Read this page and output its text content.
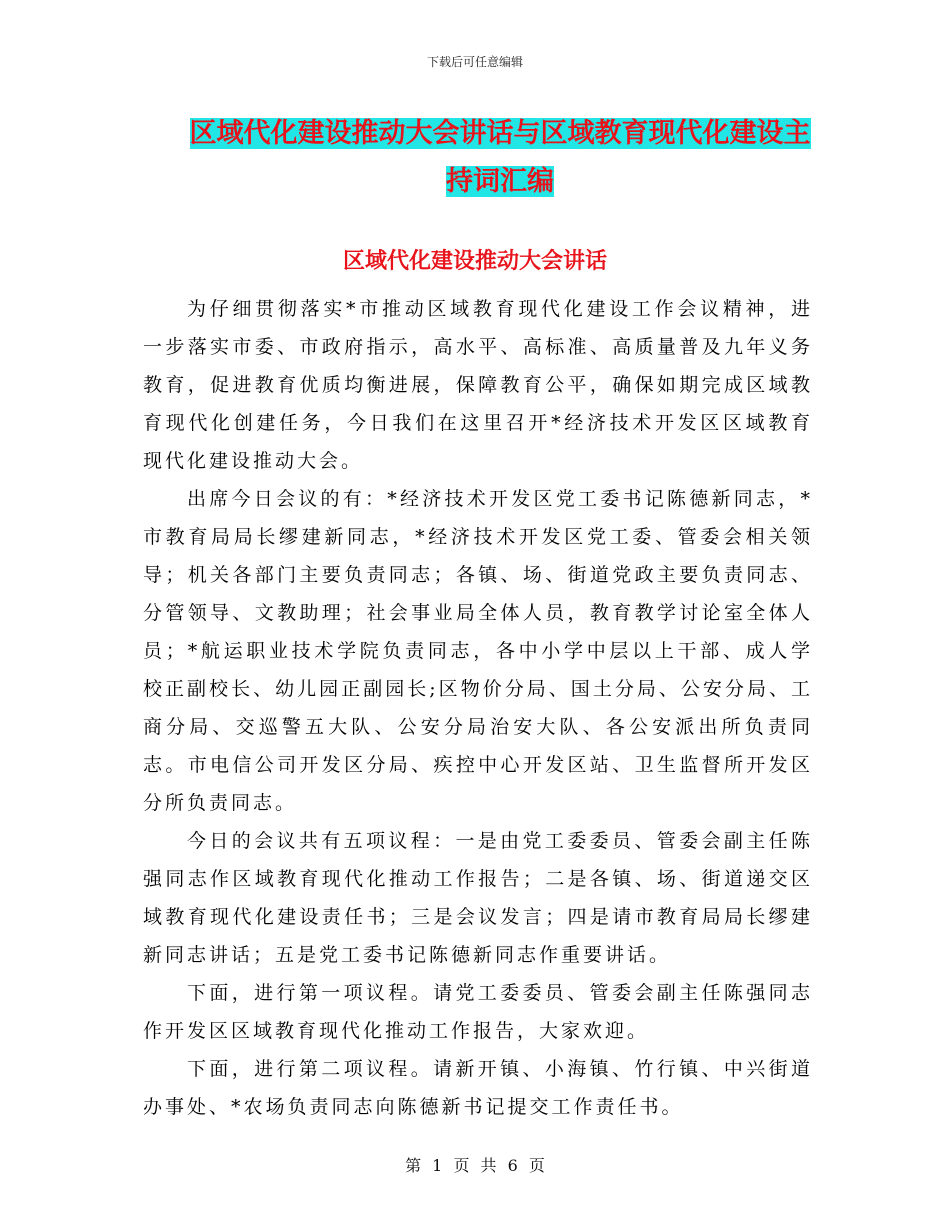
下载后可任意编辑
区域代化建设推动大会讲话与区域教育现代化建设主
持词汇编
区域代化建设推动大会讲话

为仔细贯彻落实*市推动区域教育现代化建设工作会议精神，进一步落实市委、市政府指示，高水平、高标准、高质量普及九年义务教育，促进教育优质均衡进展，保障教育公平，确保如期完成区域教育现代化创建任务，今日我们在这里召开*经济技术开发区区域教育现代化建设推动大会。

出席今日会议的有：*经济技术开发区党工委书记陈德新同志，*市教育局局长缪建新同志，*经济技术开发区党工委、管委会相关领导；机关各部门主要负责同志；各镇、场、街道党政主要负责同志、分管领导、文教助理；社会事业局全体人员，教育教学讨论室全体人员；*航运职业技术学院负责同志，各中小学中层以上干部、成人学校正副校长、幼儿园正副园长;区物价分局、国土分局、公安分局、工商分局、交巡警五大队、公安分局治安大队、各公安派出所负责同志。市电信公司开发区分局、疾控中心开发区站、卫生监督所开发区分所负责同志。

今日的会议共有五项议程：一是由党工委委员、管委会副主任陈强同志作区域教育现代化推动工作报告；二是各镇、场、街道递交区域教育现代化建设责任书；三是会议发言；四是请市教育局局长缪建新同志讲话；五是党工委书记陈德新同志作重要讲话。

下面，进行第一项议程。请党工委委员、管委会副主任陈强同志作开发区区域教育现代化推动工作报告，大家欢迎。

下面，进行第二项议程。请新开镇、小海镇、竹行镇、中兴街道办事处、*农场负责同志向陈德新书记提交工作责任书。

第 1 页 共 6 页
